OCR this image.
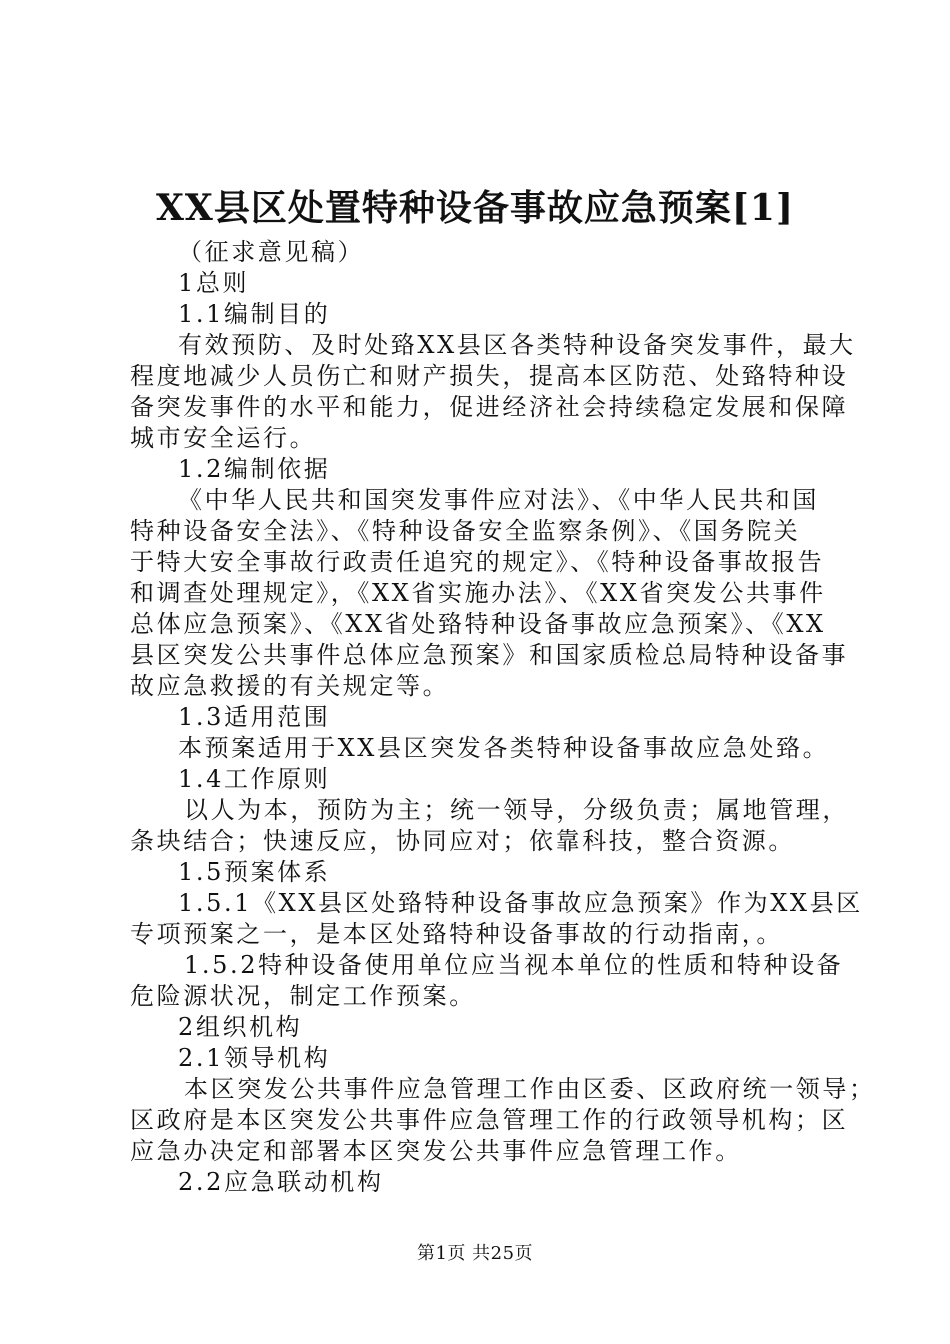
XX县区处置特种设备事故应急预案[1]
（征求意见稿）
1总则
1.1编制目的
有效预防、及时处臵XX县区各类特种设备突发事件，最大
程度地减少人员伤亡和财产损失，提高本区防范、处臵特种设
备突发事件的水平和能力，促进经济社会持续稳定发展和保障
城市安全运行。
1.2编制依据
《中华人民共和国突发事件应对法》、《中华人民共和国
特种设备安全法》、《特种设备安全监察条例》、《国务院关
于特大安全事故行政责任追究的规定》、《特种设备事故报告
和调查处理规定》，《XX省实施办法》、《XX省突发公共事件
总体应急预案》、《XX省处臵特种设备事故应急预案》、《XX
县区突发公共事件总体应急预案》和国家质检总局特种设备事
故应急救援的有关规定等。
1.3适用范围
本预案适用于XX县区突发各类特种设备事故应急处臵。
1.4工作原则
以人为本，预防为主；统一领导，分级负责；属地管理，
条块结合；快速反应，协同应对；依靠科技，整合资源。
1.5预案体系
1.5.1《XX县区处臵特种设备事故应急预案》作为XX县区
专项预案之一，是本区处臵特种设备事故的行动指南，。
1.5.2特种设备使用单位应当视本单位的性质和特种设备
危险源状况，制定工作预案。
2组织机构
2.1领导机构
本区突发公共事件应急管理工作由区委、区政府统一领导；
区政府是本区突发公共事件应急管理工作的行政领导机构；区
应急办决定和部署本区突发公共事件应急管理工作。
2.2应急联动机构
第1页 共25页
